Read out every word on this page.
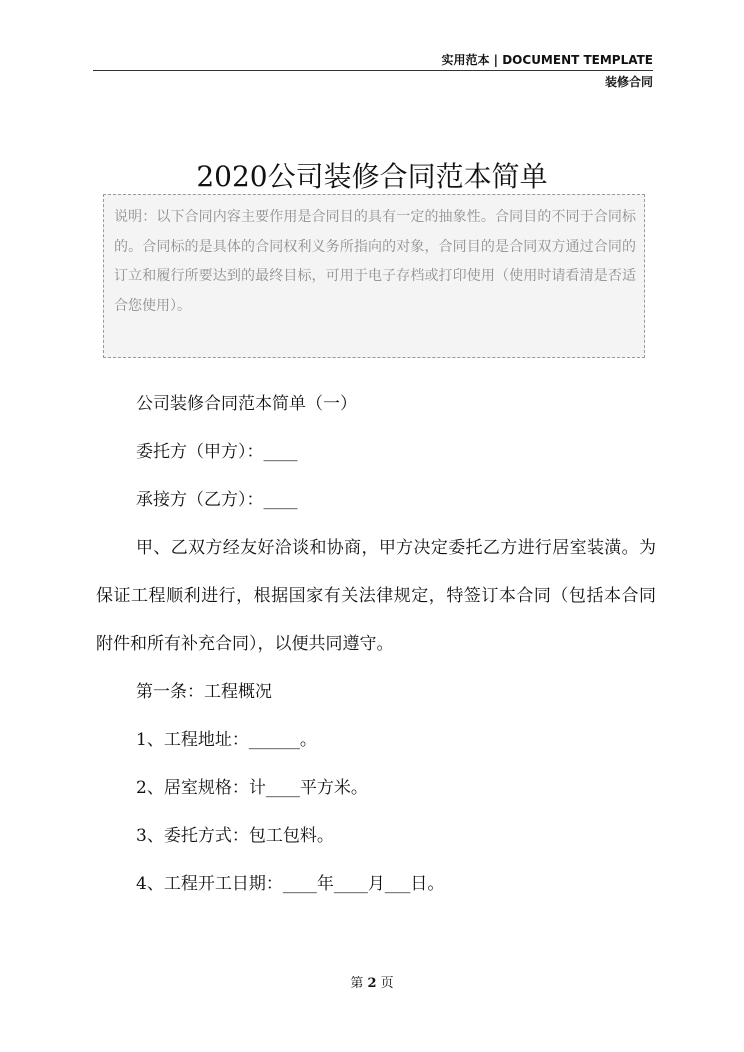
实用范本 | DOCUMENT TEMPLATE
装修合同
2020公司装修合同范本简单
说明：以下合同内容主要作用是合同目的具有一定的抽象性。合同目的不同于合同标的。合同标的是具体的合同权利义务所指向的对象，合同目的是合同双方通过合同的订立和履行所要达到的最终目标，可用于电子存档或打印使用（使用时请看清是否适合您使用）。

公司装修合同范本简单（一）

委托方（甲方）：____

承接方（乙方）：____

甲、乙双方经友好洽谈和协商，甲方决定委托乙方进行居室装潢。为保证工程顺利进行，根据国家有关法律规定，特签订本合同（包括本合同附件和所有补充合同），以便共同遵守。

第一条：工程概况

1、工程地址：______。

2、居室规格：计____平方米。

3、委托方式：包工包料。

4、工程开工日期：____年____月___日。

第 2 页
